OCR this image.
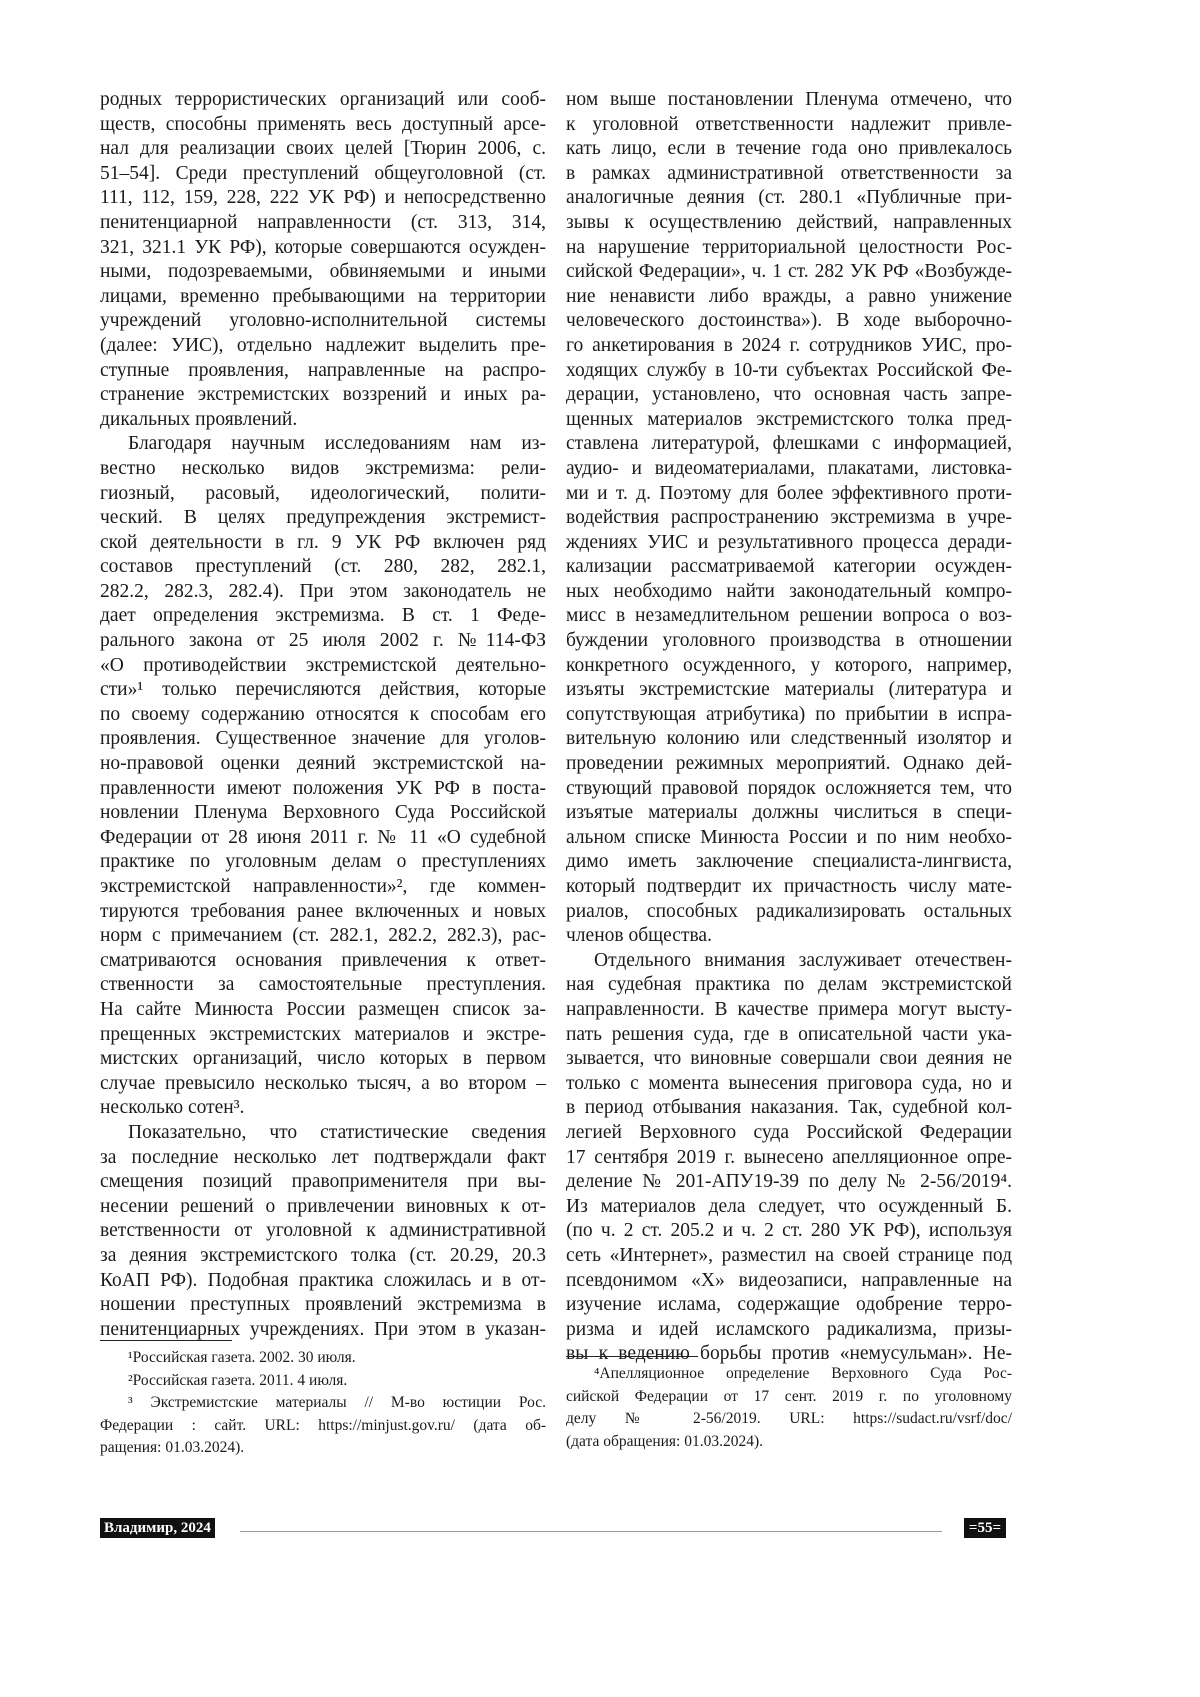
родных террористических организаций или сооб-
ществ, способны применять весь доступный арсе-
нал для реализации своих целей [Тюрин 2006, с.
51–54]. Среди преступлений общеуголовной (ст.
111, 112, 159, 228, 222 УК РФ) и непосредственно
пенитенциарной направленности (ст. 313, 314,
321, 321.1 УК РФ), которые совершаются осужден-
ными, подозреваемыми, обвиняемыми и иными
лицами, временно пребывающими на территории
учреждений уголовно-исполнительной системы
(далее: УИС), отдельно надлежит выделить пре-
ступные проявления, направленные на распро-
странение экстремистских воззрений и иных ра-
дикальных проявлений.
Благодаря научным исследованиям нам из-
вестно несколько видов экстремизма: рели-
гиозный, расовый, идеологический, полити-
ческий. В целях предупреждения экстремист-
ской деятельности в гл. 9 УК РФ включен ряд
составов преступлений (ст. 280, 282, 282.1,
282.2, 282.3, 282.4). При этом законодатель не
дает определения экстремизма. В ст. 1 Феде-
рального закона от 25 июля 2002 г. №114-ФЗ
«О противодействии экстремистской деятельно-
сти»¹ только перечисляются действия, которые
по своему содержанию относятся к способам его
проявления. Существенное значение для уголов-
но-правовой оценки деяний экстремистской на-
правленности имеют положения УК РФ в поста-
новлении Пленума Верховного Суда Российской
Федерации от 28 июня 2011 г. № 11 «О судебной
практике по уголовным делам о преступлениях
экстремистской направленности»², где коммен-
тируются требования ранее включенных и новых
норм с примечанием (ст. 282.1, 282.2, 282.3), рас-
сматриваются основания привлечения к ответ-
ственности за самостоятельные преступления.
На сайте Минюста России размещен список за-
прещенных экстремистских материалов и экстре-
мистских организаций, число которых в первом
случае превысило несколько тысяч, а во втором –
несколько сотен³.
Показательно, что статистические сведения
за последние несколько лет подтверждали факт
смещения позиций правоприменителя при вы-
несении решений о привлечении виновных к от-
ветственности от уголовной к административной
за деяния экстремистского толка (ст. 20.29, 20.3
КоАП РФ). Подобная практика сложилась и в от-
ношении преступных проявлений экстремизма в
пенитенциарных учреждениях. При этом в указан-
ном выше постановлении Пленума отмечено, что
к уголовной ответственности надлежит привле-
кать лицо, если в течение года оно привлекалось
в рамках административной ответственности за
аналогичные деяния (ст. 280.1 «Публичные при-
зывы к осуществлению действий, направленных
на нарушение территориальной целостности Рос-
сийской Федерации», ч. 1 ст. 282 УК РФ «Возбужде-
ние ненависти либо вражды, а равно унижение
человеческого достоинства»). В ходе выборочно-
го анкетирования в 2024 г. сотрудников УИС, про-
ходящих службу в 10-ти субъектах Российской Фе-
дерации, установлено, что основная часть запре-
щенных материалов экстремистского толка пред-
ставлена литературой, флешками с информацией,
аудио- и видеоматериалами, плакатами, листовка-
ми и т. д. Поэтому для более эффективного проти-
водействия распространению экстремизма в учре-
ждениях УИС и результативного процесса деради-
кализации рассматриваемой категории осужден-
ных необходимо найти законодательный компро-
мисс в незамедлительном решении вопроса о воз-
буждении уголовного производства в отношении
конкретного осужденного, у которого, например,
изъяты экстремистские материалы (литература и
сопутствующая атрибутика) по прибытии в испра-
вительную колонию или следственный изолятор и
проведении режимных мероприятий. Однако дей-
ствующий правовой порядок осложняется тем, что
изъятые материалы должны числиться в специ-
альном списке Минюста России и по ним необхо-
димо иметь заключение специалиста-лингвиста,
который подтвердит их причастность числу мате-
риалов, способных радикализировать остальных
членов общества.
Отдельного внимания заслуживает отечествен-
ная судебная практика по делам экстремистской
направленности. В качестве примера могут высту-
пать решения суда, где в описательной части ука-
зывается, что виновные совершали свои деяния не
только с момента вынесения приговора суда, но и
в период отбывания наказания. Так, судебной кол-
легией Верховного суда Российской Федерации
17 сентября 2019 г. вынесено апелляционное опре-
деление № 201-АПУ19-39 по делу № 2-56/2019⁴.
Из материалов дела следует, что осужденный Б.
(по ч. 2 ст. 205.2 и ч. 2 ст. 280 УК РФ), используя
сеть «Интернет», разместил на своей странице под
псевдонимом «Х» видеозаписи, направленные на
изучение ислама, содержащие одобрение терро-
ризма и идей исламского радикализма, призы-
вы к ведению борьбы против «немусульман». Не-
¹Российская газета. 2002. 30 июля.
²Российская газета. 2011. 4 июля.
³ Экстремистские материалы // М-во юстиции Рос.
Федерации : сайт. URL: https://minjust.gov.ru/ (дата об-
ращения: 01.03.2024).
⁴Апелляционное определение Верховного Суда Рос-
сийской Федерации от 17 сент. 2019 г. по уголовному
делу № 2-56/2019. URL: https://sudact.ru/vsrf/doc/
(дата обращения: 01.03.2024).
Владимир, 2024	=55=
